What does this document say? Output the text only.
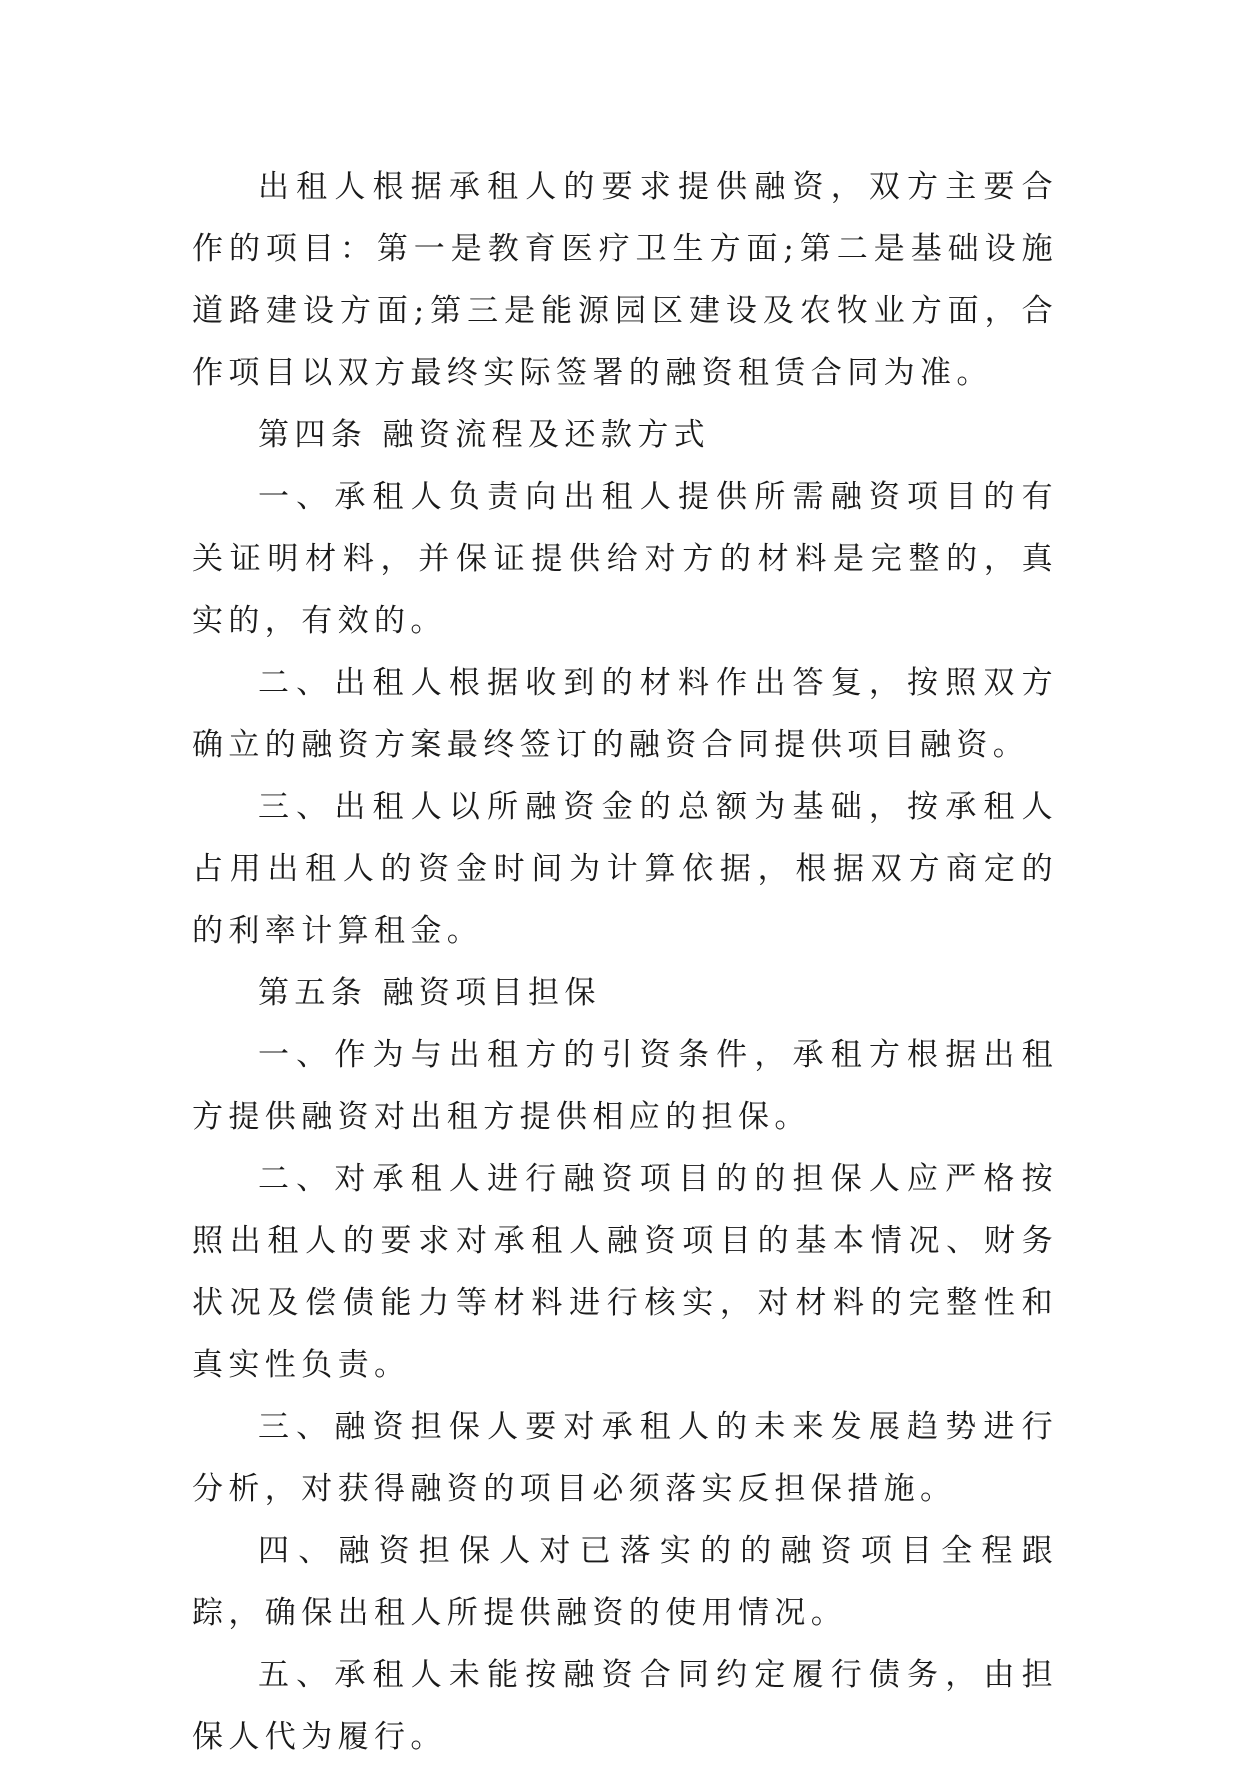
出租人根据承租人的要求提供融资，双方主要合作的项目：第一是教育医疗卫生方面;第二是基础设施道路建设方面;第三是能源园区建设及农牧业方面，合作项目以双方最终实际签署的融资租赁合同为准。

第四条 融资流程及还款方式

一、承租人负责向出租人提供所需融资项目的有关证明材料，并保证提供给对方的材料是完整的，真实的，有效的。

二、出租人根据收到的材料作出答复，按照双方确立的融资方案最终签订的融资合同提供项目融资。

三、出租人以所融资金的总额为基础，按承租人占用出租人的资金时间为计算依据，根据双方商定的的利率计算租金。

第五条 融资项目担保

一、作为与出租方的引资条件，承租方根据出租方提供融资对出租方提供相应的担保。

二、对承租人进行融资项目的的担保人应严格按照出租人的要求对承租人融资项目的基本情况、财务状况及偿债能力等材料进行核实，对材料的完整性和真实性负责。

三、融资担保人要对承租人的未来发展趋势进行分析，对获得融资的项目必须落实反担保措施。

四、融资担保人对已落实的的融资项目全程跟踪，确保出租人所提供融资的使用情况。

五、承租人未能按融资合同约定履行债务，由担保人代为履行。
